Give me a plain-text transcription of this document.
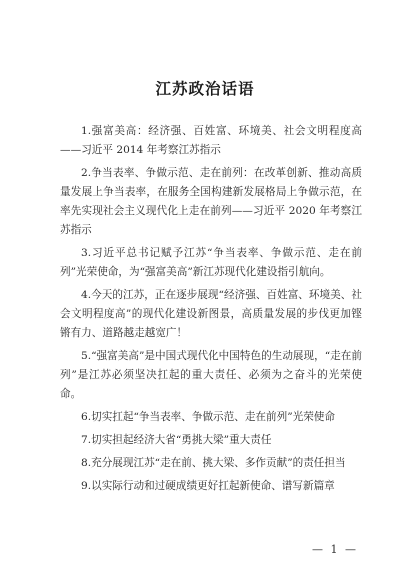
江苏政治话语

1.强富美高：经济强、百姓富、环境美、社会文明程度高——习近平 2014 年考察江苏指示

2.争当表率、争做示范、走在前列：在改革创新、推动高质量发展上争当表率，在服务全国构建新发展格局上争做示范，在率先实现社会主义现代化上走在前列——习近平 2020 年考察江苏指示

3.习近平总书记赋予江苏“争当表率、争做示范、走在前列”光荣使命，为“强富美高”新江苏现代化建设指引航向。

4.今天的江苏，正在逐步展现“经济强、百姓富、环境美、社会文明程度高”的现代化建设新图景，高质量发展的步伐更加铿锵有力、道路越走越宽广！

5.“强富美高”是中国式现代化中国特色的生动展现，“走在前列”是江苏必须坚决扛起的重大责任、必须为之奋斗的光荣使命。

6.切实扛起“争当表率、争做示范、走在前列”光荣使命

7.切实担起经济大省“勇挑大梁”重大责任

8.充分展现江苏“走在前、挑大梁、多作贡献”的责任担当

9.以实际行动和过硬成绩更好扛起新使命、谱写新篇章

— 1 —
